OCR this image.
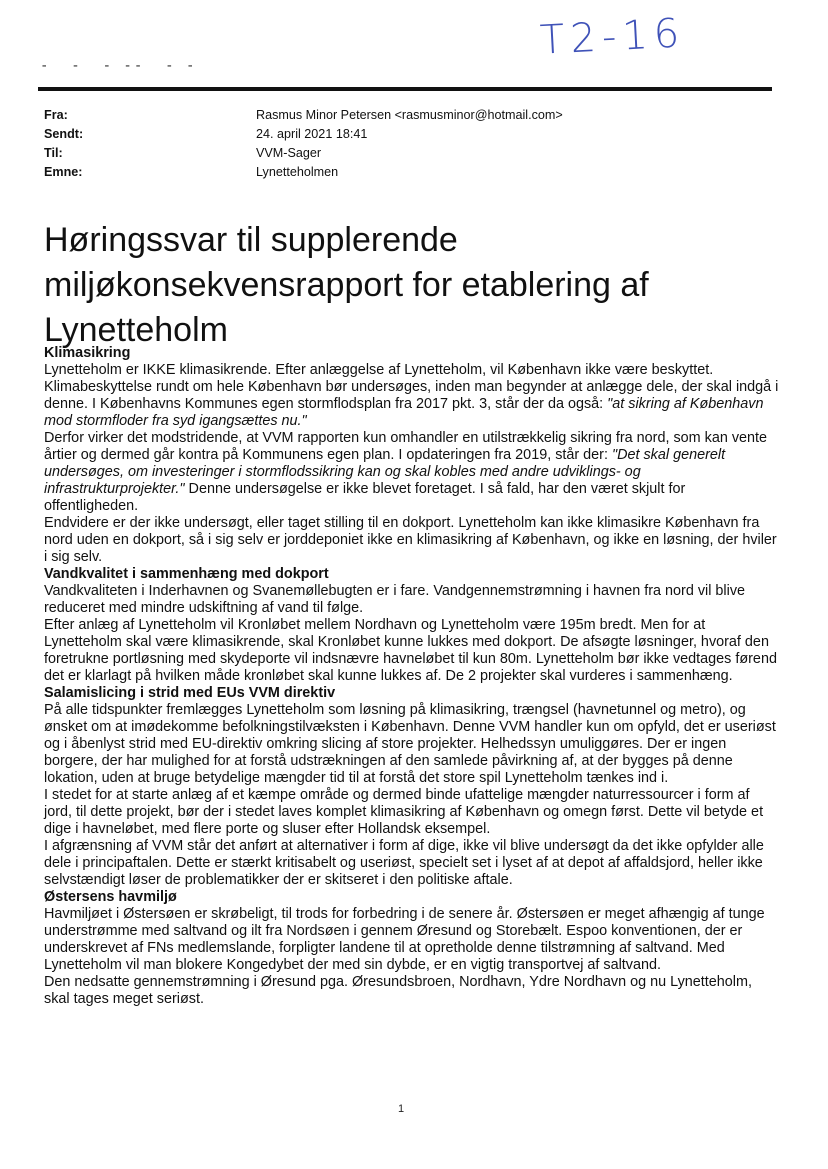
T2-16
-  -  - --  - -
Fra:	Rasmus Minor Petersen <rasmusminor@hotmail.com>
Sendt:	24. april 2021 18:41
Til:	VVM-Sager
Emne:	Lynetteholmen
Høringssvar til supplerende miljøkonsekvensrapport for etablering af Lynetteholm

Klimasikring

Lynetteholm er IKKE klimasikrende. Efter anlæggelse af Lynetteholm, vil København ikke være beskyttet. Klimabeskyttelse rundt om hele København bør undersøges, inden man begynder at anlægge dele, der skal indgå i denne. I Københavns Kommunes egen stormflodsplan fra 2017 pkt. 3, står der da også: "at sikring af København mod stormfloder fra syd igangsættes nu."

Derfor virker det modstridende, at VVM rapporten kun omhandler en utilstrækkelig sikring fra nord, som kan vente årtier og dermed går kontra på Kommunens egen plan. I opdateringen fra 2019, står der: "Det skal generelt undersøges, om investeringer i stormflodssikring kan og skal kobles med andre udviklings- og infrastrukturprojekter." Denne undersøgelse er ikke blevet foretaget. I så fald, har den været skjult for offentligheden.

Endvidere er der ikke undersøgt, eller taget stilling til en dokport. Lynetteholm kan ikke klimasikre København fra nord uden en dokport, så i sig selv er jorddeponiet ikke en klimasikring af København, og ikke en løsning, der hviler i sig selv.

Vandkvalitet i sammenhæng med dokport

Vandkvaliteten i Inderhavnen og Svanemøllebugten er i fare. Vandgennemstrømning i havnen fra nord vil blive reduceret med mindre udskiftning af vand til følge.

Efter anlæg af Lynetteholm vil Kronløbet mellem Nordhavn og Lynetteholm være 195m bredt. Men for at Lynetteholm skal være klimasikrende, skal Kronløbet kunne lukkes med dokport. De afsøgte løsninger, hvoraf den foretrukne portløsning med skydeporte vil indsnævre havneløbet til kun 80m. Lynetteholm bør ikke vedtages førend det er klarlagt på hvilken måde kronløbet skal kunne lukkes af. De 2 projekter skal vurderes i sammenhæng.

Salamislicing i strid med EUs VVM direktiv

På alle tidspunkter fremlægges Lynetteholm som løsning på klimasikring, trængsel (havnetunnel og metro), og ønsket om at imødekomme befolkningstilvæksten i København. Denne VVM handler kun om opfyld, det er useriøst og i åbenlyst strid med EU-direktiv omkring slicing af store projekter. Helhedssyn umuliggøres. Der er ingen borgere, der har mulighed for at forstå udstrækningen af den samlede påvirkning af, at der bygges på denne lokation, uden at bruge betydelige mængder tid til at forstå det store spil Lynetteholm tænkes ind i.

I stedet for at starte anlæg af et kæmpe område og dermed binde ufattelige mængder naturressourcer i form af jord, til dette projekt, bør der i stedet laves komplet klimasikring af København og omegn først. Dette vil betyde et dige i havneløbet, med flere porte og sluser efter Hollandsk eksempel.

I afgrænsning af VVM står det anført at alternativer i form af dige, ikke vil blive undersøgt da det ikke opfylder alle dele i principaftalen. Dette er stærkt kritisabelt og useriøst, specielt set i lyset af at depot af affaldsjord, heller ikke selvstændigt løser de problematikker der er skitseret i den politiske aftale.

Østersens havmiljø

Havmiljøet i Østersøen er skrøbeligt, til trods for forbedring i de senere år. Østersøen er meget afhængig af tunge understrømme med saltvand og ilt fra Nordsøen i gennem Øresund og Storebælt. Espoo konventionen, der er underskrevet af FNs medlemslande, forpligter landene til at opretholde denne tilstrømning af saltvand. Med Lynetteholm vil man blokere Kongedybet der med sin dybde, er en vigtig transportvej af saltvand.

Den nedsatte gennemstrømning i Øresund pga. Øresundsbroen, Nordhavn, Ydre Nordhavn og nu Lynetteholm, skal tages meget seriøst.

1
